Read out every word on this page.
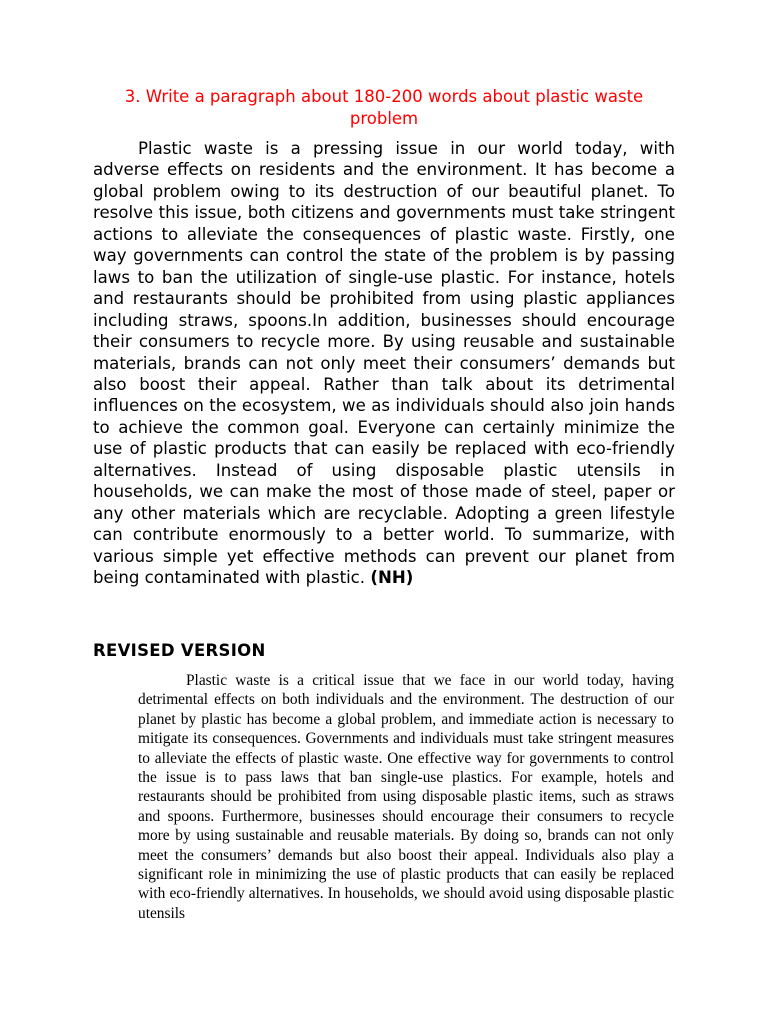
3. Write a paragraph about 180-200 words about plastic waste problem

Plastic waste is a pressing issue in our world today, with adverse effects on residents and the environment. It has become a global problem owing to its destruction of our beautiful planet. To resolve this issue, both citizens and governments must take stringent actions to alleviate the consequences of plastic waste. Firstly, one way governments can control the state of the problem is by passing laws to ban the utilization of single-use plastic. For instance, hotels and restaurants should be prohibited from using plastic appliances including straws, spoons.In addition, businesses should encourage their consumers to recycle more. By using reusable and sustainable materials, brands can not only meet their consumers’ demands but also boost their appeal. Rather than talk about its detrimental influences on the ecosystem, we as individuals should also join hands to achieve the common goal. Everyone can certainly minimize the use of plastic products that can easily be replaced with eco-friendly alternatives. Instead of using disposable plastic utensils in households, we can make the most of those made of steel, paper or any other materials which are recyclable. Adopting a green lifestyle can contribute enormously to a better world. To summarize, with various simple yet effective methods can prevent our planet from being contaminated with plastic. (NH)

REVISED VERSION

Plastic waste is a critical issue that we face in our world today, having detrimental effects on both individuals and the environment. The destruction of our planet by plastic has become a global problem, and immediate action is necessary to mitigate its consequences. Governments and individuals must take stringent measures to alleviate the effects of plastic waste. One effective way for governments to control the issue is to pass laws that ban single-use plastics. For example, hotels and restaurants should be prohibited from using disposable plastic items, such as straws and spoons. Furthermore, businesses should encourage their consumers to recycle more by using sustainable and reusable materials. By doing so, brands can not only meet the consumers’ demands but also boost their appeal. Individuals also play a significant role in minimizing the use of plastic products that can easily be replaced with eco-friendly alternatives. In households, we should avoid using disposable plastic utensils
